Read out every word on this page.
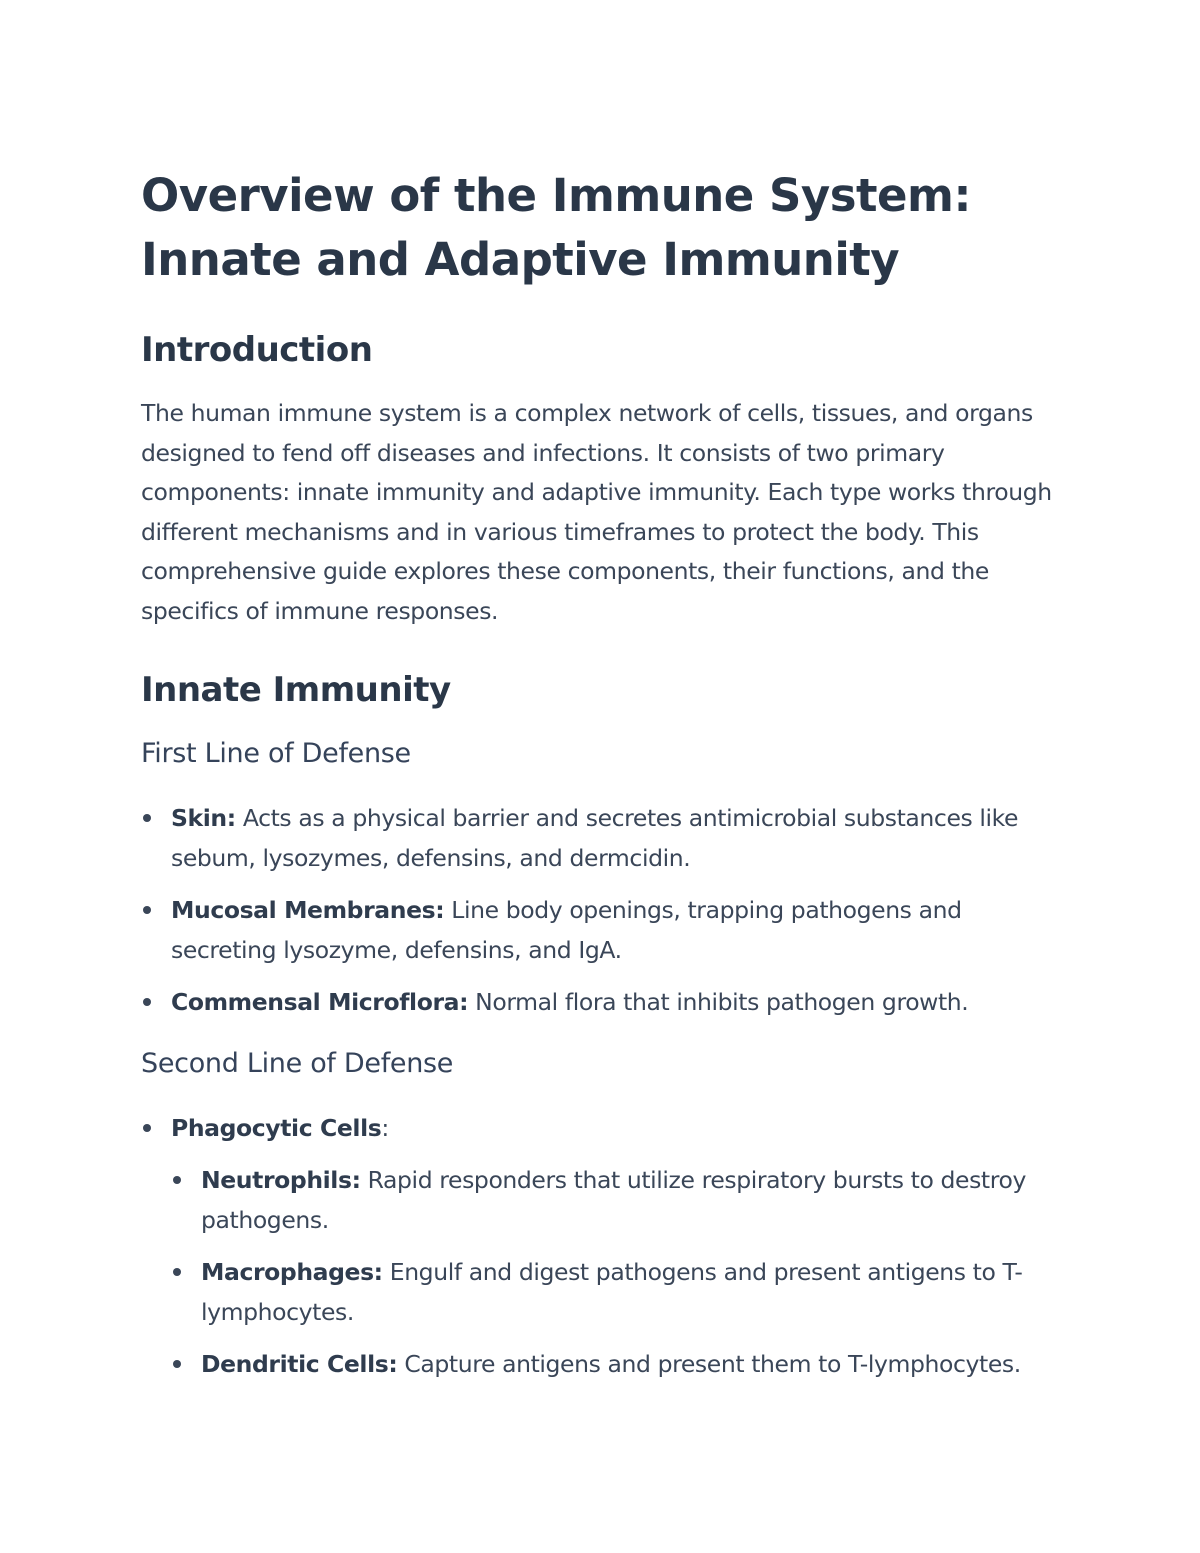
Overview of the Immune System: Innate and Adaptive Immunity
Introduction

The human immune system is a complex network of cells, tissues, and organs designed to fend off diseases and infections. It consists of two primary components: innate immunity and adaptive immunity. Each type works through different mechanisms and in various timeframes to protect the body. This comprehensive guide explores these components, their functions, and the specifics of immune responses.

Innate Immunity
First Line of Defense
Skin: Acts as a physical barrier and secretes antimicrobial substances like sebum, lysozymes, defensins, and dermcidin.
Mucosal Membranes: Line body openings, trapping pathogens and secreting lysozyme, defensins, and IgA.
Commensal Microflora: Normal flora that inhibits pathogen growth.
Second Line of Defense
Phagocytic Cells:
Neutrophils: Rapid responders that utilize respiratory bursts to destroy pathogens.
Macrophages: Engulf and digest pathogens and present antigens to T-lymphocytes.
Dendritic Cells: Capture antigens and present them to T-lymphocytes.
